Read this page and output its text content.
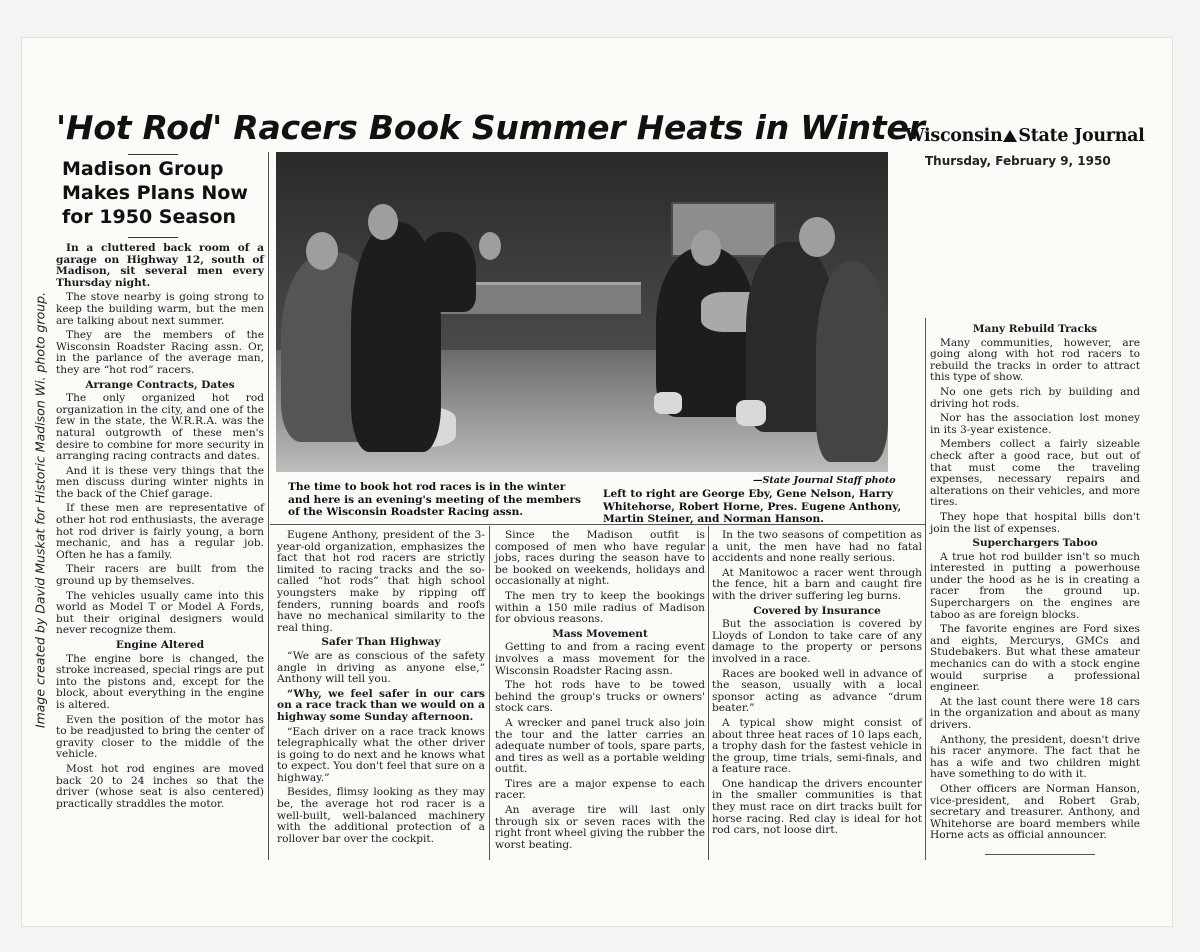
Image created by David Muskat for Historic Madison Wi. photo group.
'Hot Rod' Racers Book Summer Heats in Winter
Wisconsin State Journal
Thursday, February 9, 1950
Madison Group
Makes Plans Now
for 1950 Season
The time to book hot rod races is in the winter and here is an evening's meeting of the members of the Wisconsin Roadster Racing assn.
—State Journal Staff photo
Left to right are George Eby, Gene Nelson, Harry Whitehorse, Robert Horne, Pres. Eugene Anthony, Martin Steiner, and Norman Hanson.

In a cluttered back room of a garage on Highway 12, south of Madison, sit several men every Thursday night.

The stove nearby is going strong to keep the building warm, but the men are talking about next summer.

They are the members of the Wisconsin Roadster Racing assn. Or, in the parlance of the average man, they are “hot rod” racers.

Arrange Contracts, Dates

The only organized hot rod organization in the city, and one of the few in the state, the W.R.R.A. was the natural outgrowth of these men's desire to combine for more security in arranging racing contracts and dates.

And it is these very things that the men discuss during winter nights in the back of the Chief garage.

If these men are representative of other hot rod enthusiasts, the average hot rod driver is fairly young, a born mechanic, and has a regular job. Often he has a family.

Their racers are built from the ground up by themselves.

The vehicles usually came into this world as Model T or Model A Fords, but their original designers would never recognize them.

Engine Altered

The engine bore is changed, the stroke increased, special rings are put into the pistons and, except for the block, about everything in the engine is altered.

Even the position of the motor has to be readjusted to bring the center of gravity closer to the middle of the vehicle.

Most hot rod engines are moved back 20 to 24 inches so that the driver (whose seat is also centered) practically straddles the motor.

Eugene Anthony, president of the 3-year-old organization, emphasizes the fact that hot rod racers are strictly limited to racing tracks and the so-called “hot rods” that high school youngsters make by ripping off fenders, running boards and roofs have no mechanical similarity to the real thing.

Safer Than Highway

“We are as conscious of the safety angle in driving as anyone else,” Anthony will tell you.

“Why, we feel safer in our cars on a race track than we would on a highway some Sunday afternoon.

“Each driver on a race track knows telegraphically what the other driver is going to do next and he knows what to expect. You don't feel that sure on a highway.”

Besides, flimsy looking as they may be, the average hot rod racer is a well-built, well-balanced machinery with the additional protection of a rollover bar over the cockpit.

Since the Madison outfit is composed of men who have regular jobs, races during the season have to be booked on weekends, holidays and occasionally at night.

The men try to keep the bookings within a 150 mile radius of Madison for obvious reasons.

Mass Movement

Getting to and from a racing event involves a mass movement for the Wisconsin Roadster Racing assn.

The hot rods have to be towed behind the group's trucks or owners' stock cars.

A wrecker and panel truck also join the tour and the latter carries an adequate number of tools, spare parts, and tires as well as a portable welding outfit.

Tires are a major expense to each racer.

An average tire will last only through six or seven races with the right front wheel giving the rubber the worst beating.

In the two seasons of competition as a unit, the men have had no fatal accidents and none really serious.

At Manitowoc a racer went through the fence, hit a barn and caught fire with the driver suffering leg burns.

Covered by Insurance

But the association is covered by Lloyds of London to take care of any damage to the property or persons involved in a race.

Races are booked well in advance of the season, usually with a local sponsor acting as advance “drum beater.”

A typical show might consist of about three heat races of 10 laps each, a trophy dash for the fastest vehicle in the group, time trials, semi-finals, and a feature race.

One handicap the drivers encounter in the smaller communities is that they must race on dirt tracks built for horse racing. Red clay is ideal for hot rod cars, not loose dirt.

Many Rebuild Tracks

Many communities, however, are going along with hot rod racers to rebuild the tracks in order to attract this type of show.

No one gets rich by building and driving hot rods.

Nor has the association lost money in its 3-year existence.

Members collect a fairly sizeable check after a good race, but out of that must come the traveling expenses, necessary repairs and alterations on their vehicles, and more tires.

They hope that hospital bills don't join the list of expenses.

Superchargers Taboo

A true hot rod builder isn't so much interested in putting a powerhouse under the hood as he is in creating a racer from the ground up. Superchargers on the engines are taboo as are foreign blocks.

The favorite engines are Ford sixes and eights, Mercurys, GMCs and Studebakers. But what these amateur mechanics can do with a stock engine would surprise a professional engineer.

At the last count there were 18 cars in the organization and about as many drivers.

Anthony, the president, doesn't drive his racer anymore. The fact that he has a wife and two children might have something to do with it.

Other officers are Norman Hanson, vice-president, and Robert Grab, secretary and treasurer. Anthony, and Whitehorse are board members while Horne acts as official announcer.
